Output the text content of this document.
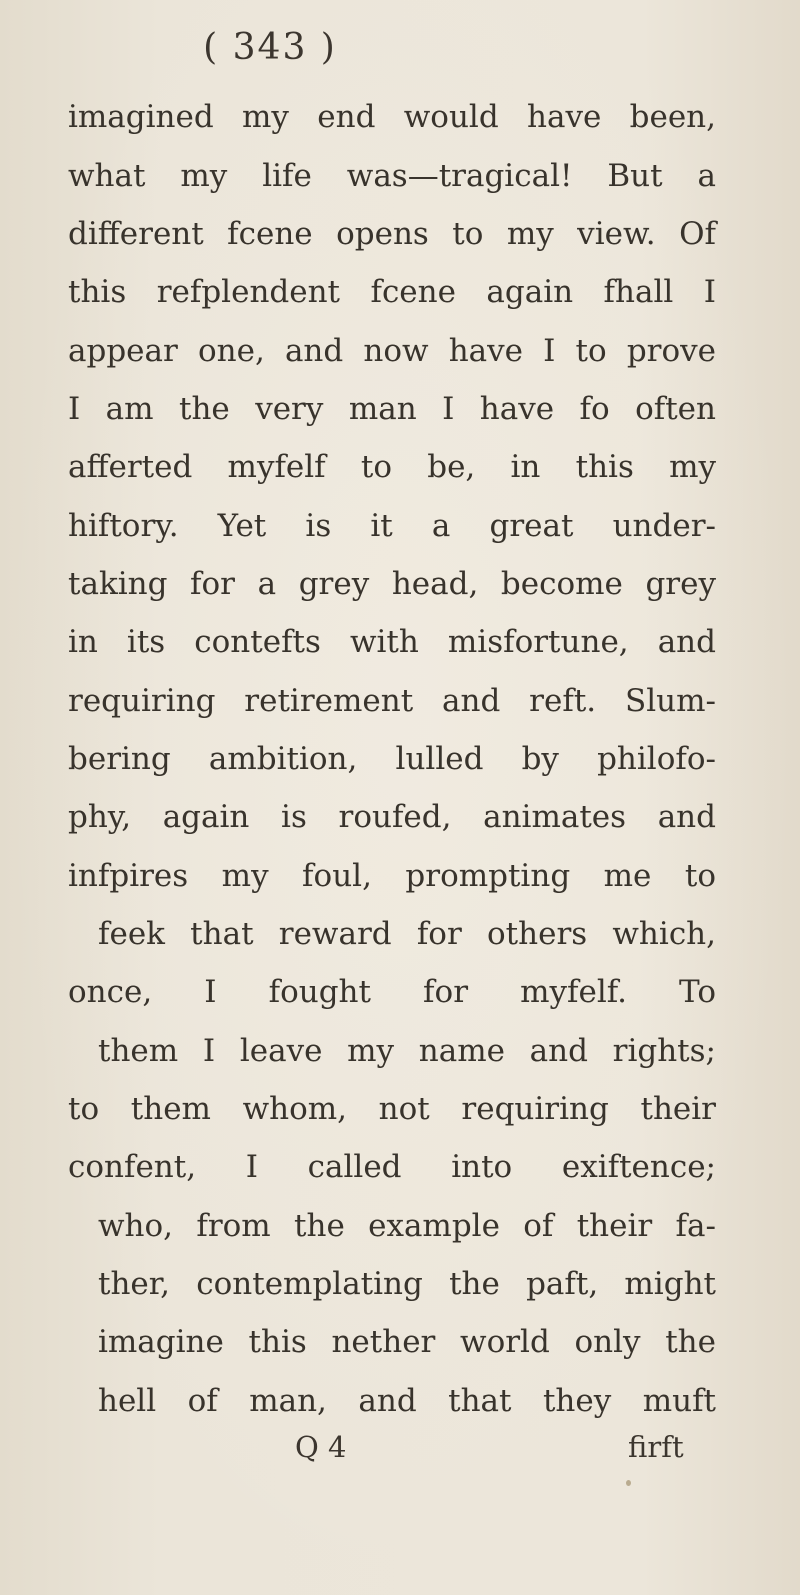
( 343 )
imagined my end would have been,
what my life was—tragical! But a
different fcene opens to my view. Of
this refplendent fcene again fhall I
appear one, and now have I to prove
I am the very man I have fo often
afferted myfelf to be, in this my
hiftory. Yet is it a great under-
taking for a grey head, become grey
in its contefts with misfortune, and
requiring retirement and reft. Slum-
bering ambition, lulled by philofo-
phy, again is roufed, animates and
infpires my foul, prompting me to
feek that reward for others which,
once, I fought for myfelf. To
them I leave my name and rights;
to them whom, not requiring their
confent, I called into exiftence;
who, from the example of their fa-
ther, contemplating the paft, might
imagine this nether world only the
hell of man, and that they muft
Q 4	firft
